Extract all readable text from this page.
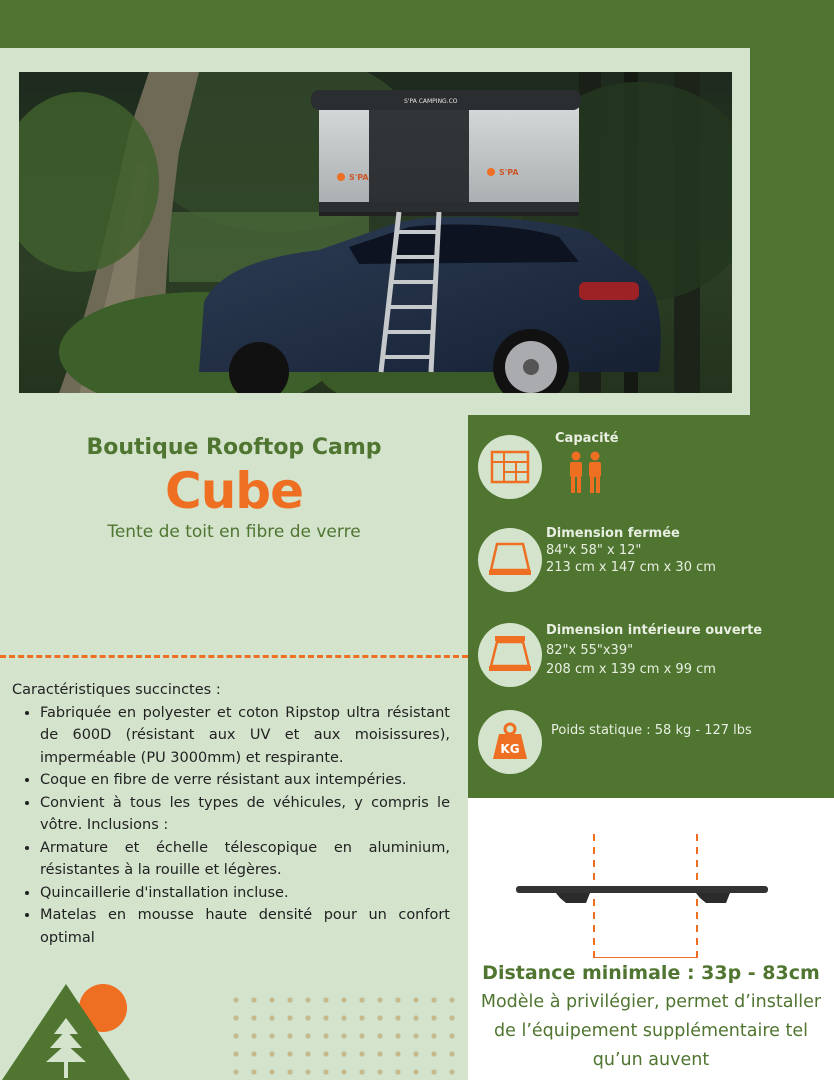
S'PA
S'PA
S'PA CAMPING.CO
Boutique Rooftop Camp
Cube
Tente de toit en fibre de verre
Caractéristiques succinctes :
• Fabriquée en polyester et coton Ripstop ultra résistant de 600D (résistant aux UV et aux moisissures), imperméable (PU 3000mm) et respirante.
• Coque en fibre de verre résistant aux intempéries.
• Convient à tous les types de véhicules, y compris le vôtre. Inclusions :
• Armature et échelle télescopique en aluminium, résistantes à la rouille et légères.
• Quincaillerie d'installation incluse.
• Matelas en mousse haute densité pour un confort optimal
Capacité
Dimension fermée
84"x 58" x 12"
213 cm x 147 cm x 30 cm
Dimension intérieure ouverte
82"x 55"x39"
208 cm x 139 cm x 99 cm
KG
Poids statique : 58 kg - 127 lbs
Distance minimale : 33p - 83cm
Modèle à privilégier, permet d’installer de l’équipement supplémentaire tel qu’un auvent
